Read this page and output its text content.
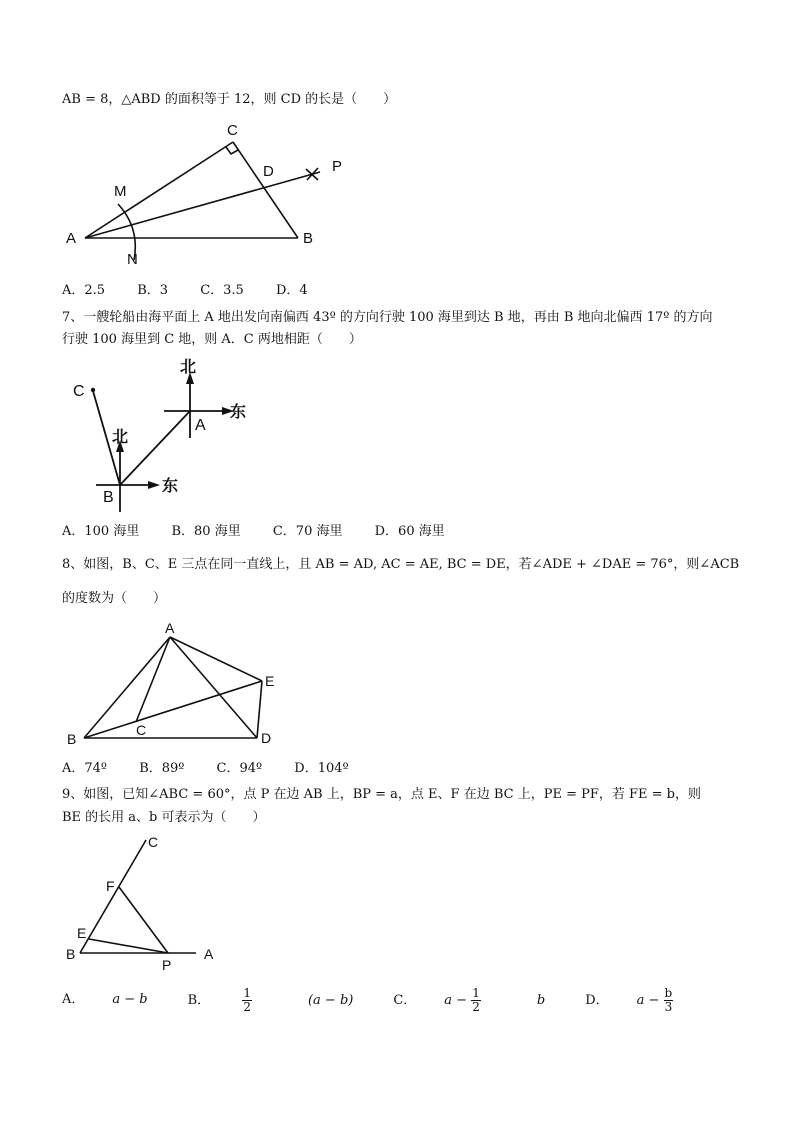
AB = 8，△ABD 的面积等于 12，则 CD 的长是（　　）
A	B
C
D
M
N
P
北
东
北
东
A
B
C
A
B
C	D
E
B	A
C
F
E
P
A．2.5 B．3 C．3.5 D．4
7、一艘轮船由海平面上 A 地出发向南偏西 43º 的方向行驶 100 海里到达 B 地，再由 B 地向北偏西 17º 的方向
行驶 100 海里到 C 地，则 A．C 两地相距（　　）
A．100 海里 B．80 海里 C．70 海里 D．60 海里
8、如图，B、C、E 三点在同一直线上，且 AB = AD, AC = AE, BC = DE，若∠ADE + ∠DAE = 76°，则∠ACB
的度数为（　　）
A．74º B．89º C．94º D．104º
9、如图，已知∠ABC = 60°，点 P 在边 AB 上，BP = a，点 E、F 在边 BC 上，PE = PF，若 FE = b，则
BE 的长用 a、b 可表示为（　　）
A． a − b	B．	$\frac{1}{2} (a - b)$	C． $a - \frac{1}{2}$ b	D． $a - \frac{b}{3}$
